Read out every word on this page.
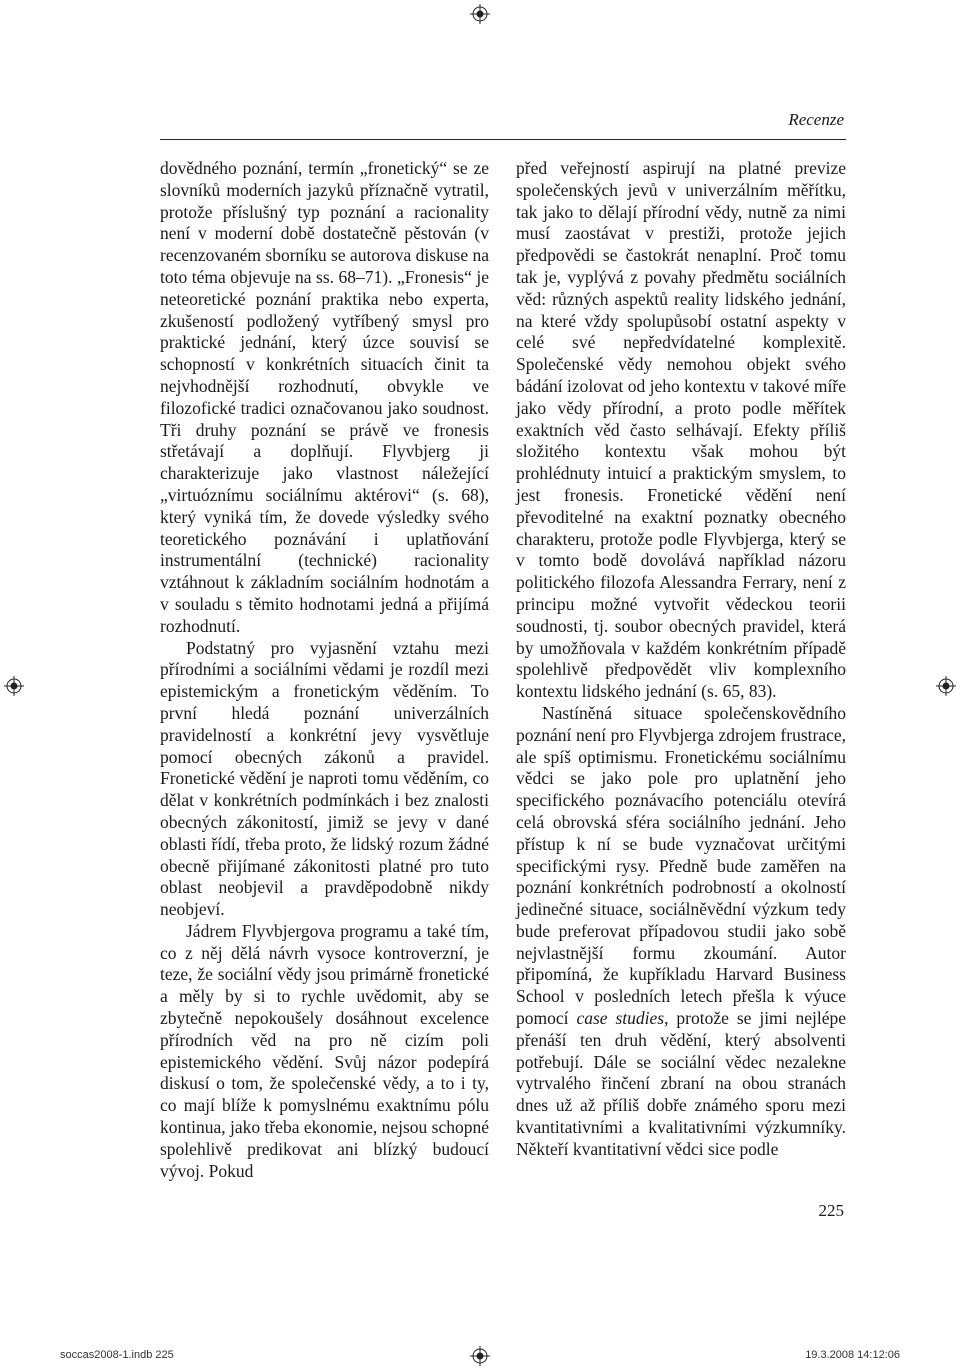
Recenze

dovědného poznání, termín „fronetický“ se ze slovníků moderních jazyků příznačně vytratil, protože příslušný typ poznání a racionality není v moderní době dostatečně pěstován (v recenzovaném sborníku se autorova diskuse na toto téma objevuje na ss. 68–71). „Fronesis“ je neteoretické poznání praktika nebo experta, zkušeností podložený vytříbený smysl pro praktické jednání, který úzce souvisí se schopností v konkrétních situacích činit ta nejvhodnější rozhodnutí, obvykle ve filozofické tradici označovanou jako soudnost. Tři druhy poznání se právě ve fronesis střetávají a doplňují. Flyvbjerg ji charakterizuje jako vlastnost náležející „virtuóznímu sociálnímu aktérovi“ (s. 68), který vyniká tím, že dovede výsledky svého teoretického poznávání i uplatňování instrumentální (technické) racionality vztáhnout k základním sociálním hodnotám a v souladu s těmito hodnotami jedná a přijímá rozhodnutí.

Podstatný pro vyjasnění vztahu mezi přírodními a sociálními vědami je rozdíl mezi epistemickým a fronetickým věděním. To první hledá poznání univerzálních pravidelností a konkrétní jevy vysvětluje pomocí obecných zákonů a pravidel. Fronetické vědění je naproti tomu věděním, co dělat v konkrétních podmínkách i bez znalosti obecných zákonitostí, jimiž se jevy v dané oblasti řídí, třeba proto, že lidský rozum žádné obecně přijímané zákonitosti platné pro tuto oblast neobjevil a pravděpodobně nikdy neobjeví.

Jádrem Flyvbjergova programu a také tím, co z něj dělá návrh vysoce kontroverzní, je teze, že sociální vědy jsou primárně fronetické a měly by si to rychle uvědomit, aby se zbytečně nepokoušely dosáhnout excelence přírodních věd na pro ně cizím poli epistemického vědění. Svůj názor podepírá diskusí o tom, že společenské vědy, a to i ty, co mají blíže k pomyslnému exaktnímu pólu kontinua, jako třeba ekonomie, nejsou schopné spolehlivě predikovat ani blízký budoucí vývoj. Pokud

před veřejností aspirují na platné previze společenských jevů v univerzálním měřítku, tak jako to dělají přírodní vědy, nutně za nimi musí zaostávat v prestiži, protože jejich předpovědi se častokrát nenaplní. Proč tomu tak je, vyplývá z povahy předmětu sociálních věd: různých aspektů reality lidského jednání, na které vždy spolupůsobí ostatní aspekty v celé své nepředvídatelné komplexitě. Společenské vědy nemohou objekt svého bádání izolovat od jeho kontextu v takové míře jako vědy přírodní, a proto podle měřítek exaktních věd často selhávají. Efekty příliš složitého kontextu však mohou být prohlédnuty intuicí a praktickým smyslem, to jest fronesis. Fronetické vědění není převoditelné na exaktní poznatky obecného charakteru, protože podle Flyvbjerga, který se v tomto bodě dovolává například názoru politického filozofa Alessandra Ferrary, není z principu možné vytvořit vědeckou teorii soudnosti, tj. soubor obecných pravidel, která by umožňovala v každém konkrétním případě spolehlivě předpovědět vliv komplexního kontextu lidského jednání (s. 65, 83).

Nastíněná situace společenskovědního poznání není pro Flyvbjerga zdrojem frustrace, ale spíš optimismu. Fronetickému sociálnímu vědci se jako pole pro uplatnění jeho specifického poznávacího potenciálu otevírá celá obrovská sféra sociálního jednání. Jeho přístup k ní se bude vyznačovat určitými specifickými rysy. Předně bude zaměřen na poznání konkrétních podrobností a okolností jedinečné situace, sociálněvědní výzkum tedy bude preferovat případovou studii jako sobě nejvlastnější formu zkoumání. Autor připomíná, že kupříkladu Harvard Business School v posledních letech přešla k výuce pomocí case studies, protože se jimi nejlépe přenáší ten druh vědění, který absolventi potřebují. Dále se sociální vědec nezalekne vytrvalého řinčení zbraní na obou stranách dnes už až příliš dobře známého sporu mezi kvantitativními a kvalitativními výzkumníky. Někteří kvantitativní vědci sice podle

225
soccas2008-1.indb 225	19.3.2008 14:12:06
